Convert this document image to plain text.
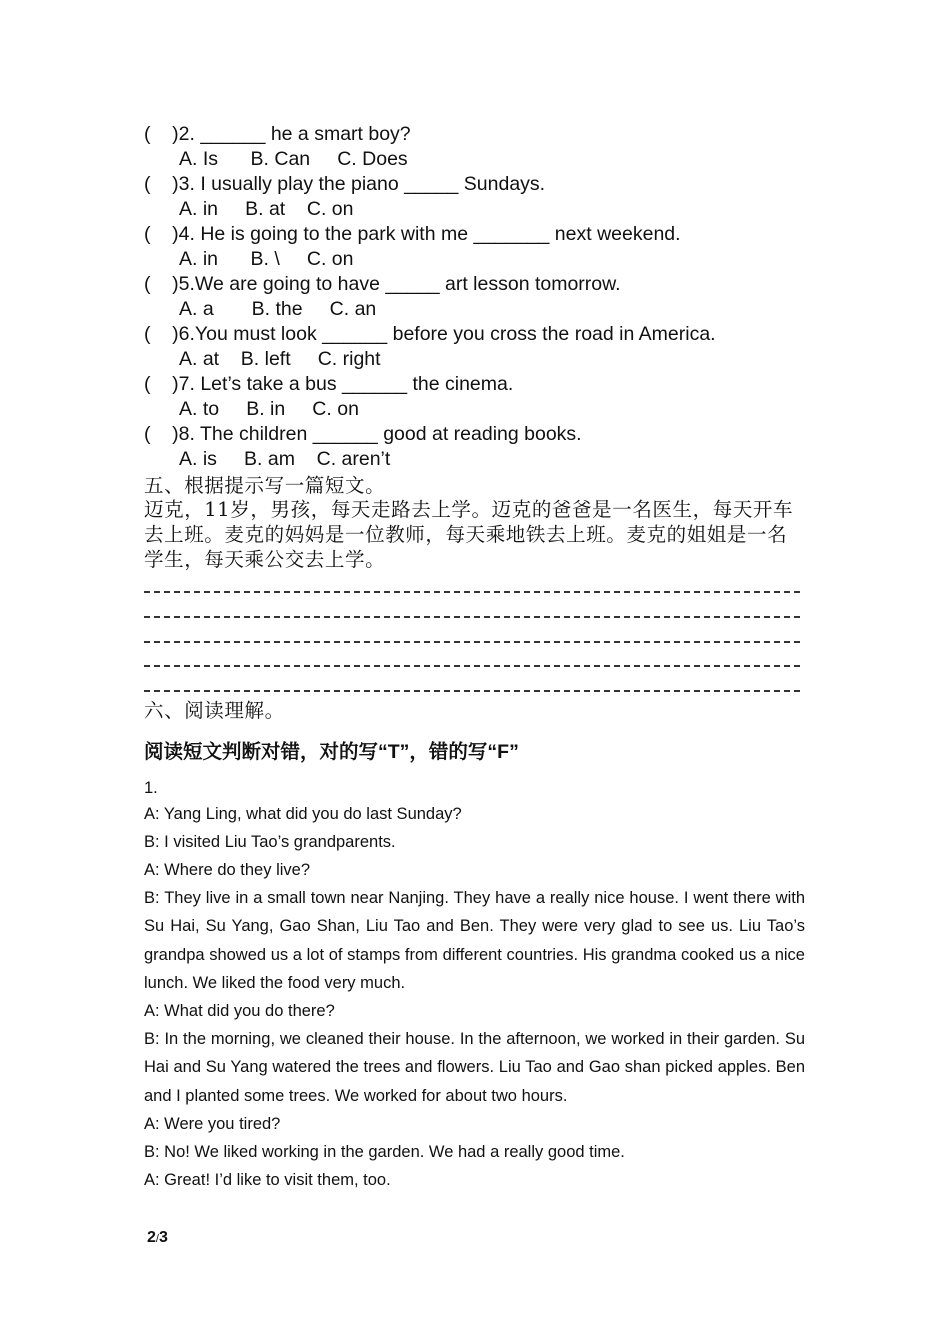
(    )2. ______ he a smart boy?
A. Is      B. Can     C. Does
(    )3. I usually play the piano _____ Sundays.
A. in     B. at    C. on
(    )4. He is going to the park with me _______ next weekend.
A. in      B. \     C. on
(    )5.We are going to have _____ art lesson tomorrow.
A. a       B. the     C. an
(    )6.You must look ______ before you cross the road in America.
A. at    B. left     C. right
(    )7. Let’s take a bus ______ the cinema.
A. to     B. in     C. on
(    )8. The children ______ good at reading books.
A. is     B. am    C. aren’t
五、根据提示写一篇短文。
迈克，11岁，男孩，每天走路去上学。迈克的爸爸是一名医生，每天开车去上班。麦克的妈妈是一位教师，每天乘地铁去上班。麦克的姐姐是一名学生，每天乘公交去上学。
六、阅读理解。
阅读短文判断对错，对的写“T”，错的写“F”
1.
A: Yang Ling, what did you do last Sunday?
B: I visited Liu Tao’s grandparents.
A: Where do they live?
B: They live in a small town near Nanjing. They have a really nice house. I went there with Su Hai, Su Yang, Gao Shan, Liu Tao and Ben. They were very glad to see us. Liu Tao’s grandpa showed us a lot of stamps from different countries. His grandma cooked us a nice lunch. We liked the food very much.
A: What did you do there?
B: In the morning, we cleaned their house. In the afternoon, we worked in their garden. Su Hai and Su Yang watered the trees and flowers. Liu Tao and Gao shan picked apples. Ben and I planted some trees. We worked for about two hours.
A: Were you tired?
B: No! We liked working in the garden. We had a really good time.
A: Great! I’d like to visit them, too.
2/3
